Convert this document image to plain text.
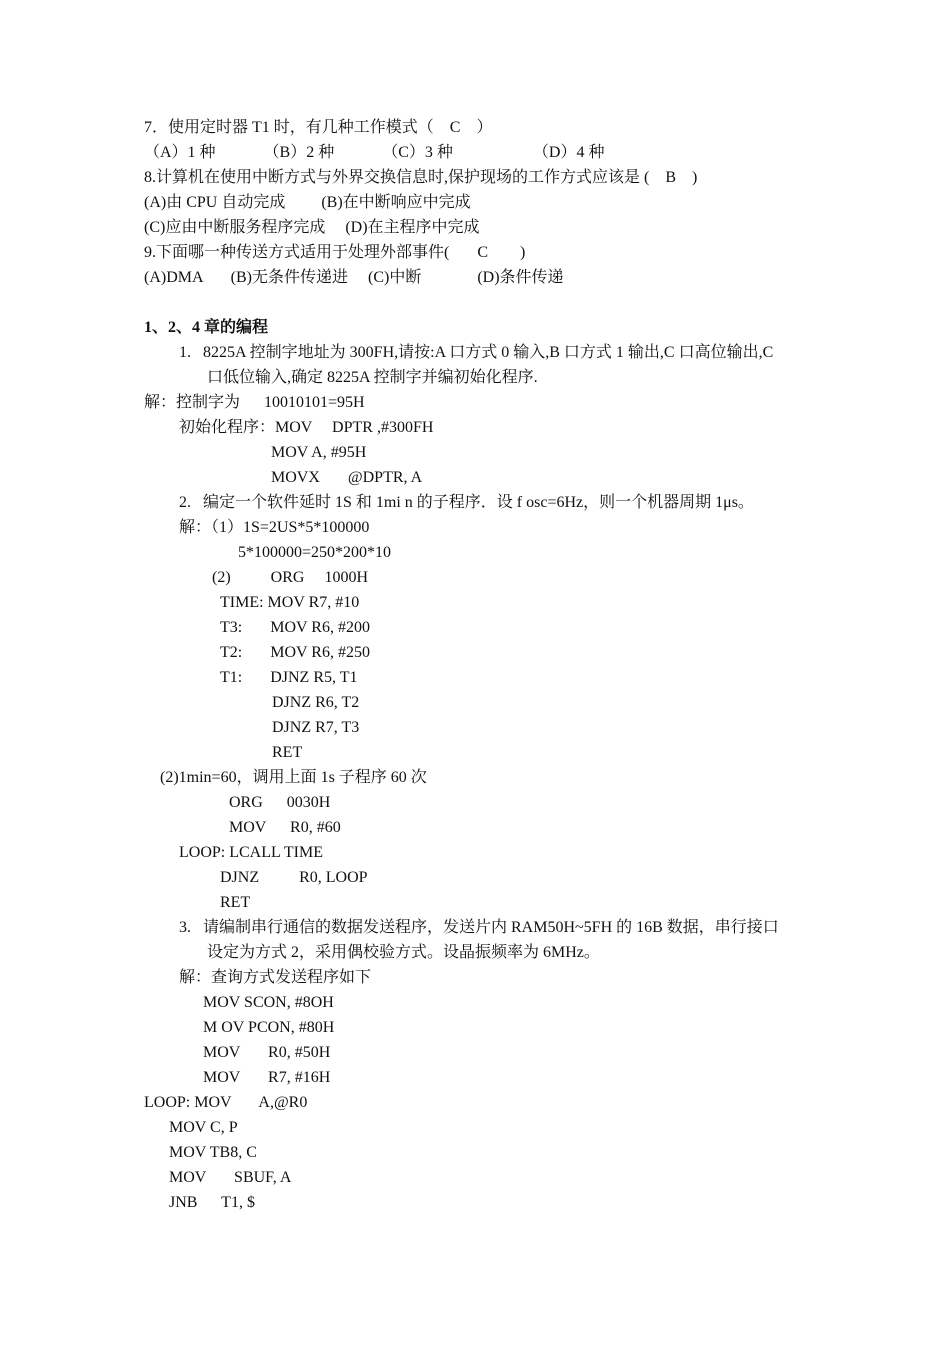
7．使用定时器 T1 时，有几种工作模式（    C    ）
（A）1 种            （B）2 种            （C）3 种                    （D）4 种
8.计算机在使用中断方式与外界交换信息时,保护现场的工作方式应该是 (    B    )
(A)由 CPU 自动完成         (B)在中断响应中完成
(C)应由中断服务程序完成     (D)在主程序中完成
9.下面哪一种传送方式适用于处理外部事件(       C        )
(A)DMA       (B)无条件传递进     (C)中断              (D)条件传递
1、2、4 章的编程
1.   8225A 控制字地址为 300FH,请按:A 口方式 0 输入,B 口方式 1 输出,C 口高位输出,C
口低位输入,确定 8225A 控制字并编初始化程序.
解：控制字为      10010101=95H
初始化程序：MOV     DPTR ,#300FH
MOV A, #95H
MOVX       @DPTR, A
2.   编定一个软件延时 1S 和 1mi n 的子程序．设 f osc=6Hz，则一个机器周期 1μs。
解：（1）1S=2US*5*100000
5*100000=250*200*10
(2)          ORG     1000H
TIME: MOV R7, #10
T3:       MOV R6, #200
T2:       MOV R6, #250
T1:       DJNZ R5, T1
DJNZ R6, T2
DJNZ R7, T3
RET
(2)1min=60，调用上面 1s 子程序 60 次
ORG      0030H
MOV      R0, #60
LOOP: LCALL TIME
DJNZ          R0, LOOP
RET
3.   请编制串行通信的数据发送程序，发送片内 RAM50H~5FH 的 16B 数据，串行接口
设定为方式 2，采用偶校验方式。设晶振频率为 6MHz。
解：查询方式发送程序如下
MOV SCON, #8OH
M OV PCON, #80H
MOV       R0, #50H
MOV       R7, #16H
LOOP: MOV       A,@R0
MOV C, P
MOV TB8, C
MOV       SBUF, A
JNB      T1, $
